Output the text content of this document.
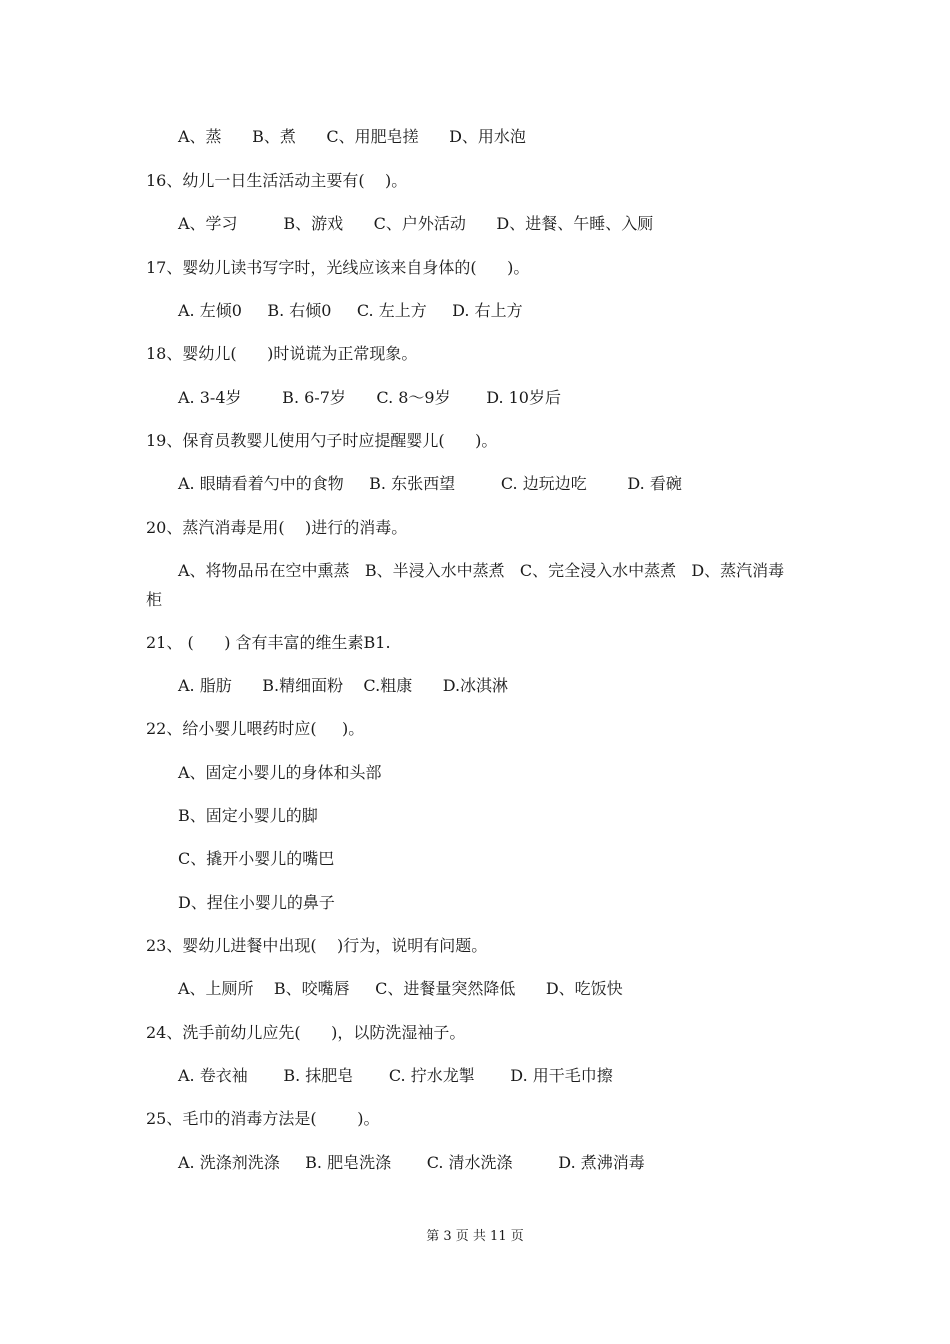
A、蒸      B、煮      C、用肥皂搓      D、用水泡
16、幼儿一日生活活动主要有(    )。
A、学习         B、游戏      C、户外活动      D、进餐、午睡、入厕
17、婴幼儿读书写字时，光线应该来自身体的(      )。
A. 左倾0     B. 右倾0     C. 左上方     D. 右上方
18、婴幼儿(      )时说谎为正常现象。
A. 3-4岁        B. 6-7岁      C. 8～9岁       D. 10岁后
19、保育员教婴儿使用勺子时应提醒婴儿(      )。
A. 眼睛看着勺中的食物     B. 东张西望         C. 边玩边吃        D. 看碗
20、蒸汽消毒是用(    )进行的消毒。
A、将物品吊在空中熏蒸   B、半浸入水中蒸煮   C、完全浸入水中蒸煮   D、蒸汽消毒
柜
21、 (      ) 含有丰富的维生素B1.
A. 脂肪      B.精细面粉    C.粗康      D.冰淇淋
22、给小婴儿喂药时应(     )。
A、固定小婴儿的身体和头部
B、固定小婴儿的脚
C、撬开小婴儿的嘴巴
D、捏住小婴儿的鼻子
23、婴幼儿进餐中出现(    )行为，说明有问题。
A、上厕所    B、咬嘴唇     C、进餐量突然降低      D、吃饭快
24、洗手前幼儿应先(      )，以防洗湿袖子。
A. 卷衣袖       B. 抹肥皂       C. 拧水龙掣       D. 用干毛巾擦
25、毛巾的消毒方法是(        )。
A. 洗涤剂洗涤     B. 肥皂洗涤       C. 清水洗涤         D. 煮沸消毒
第 3 页 共 11 页
